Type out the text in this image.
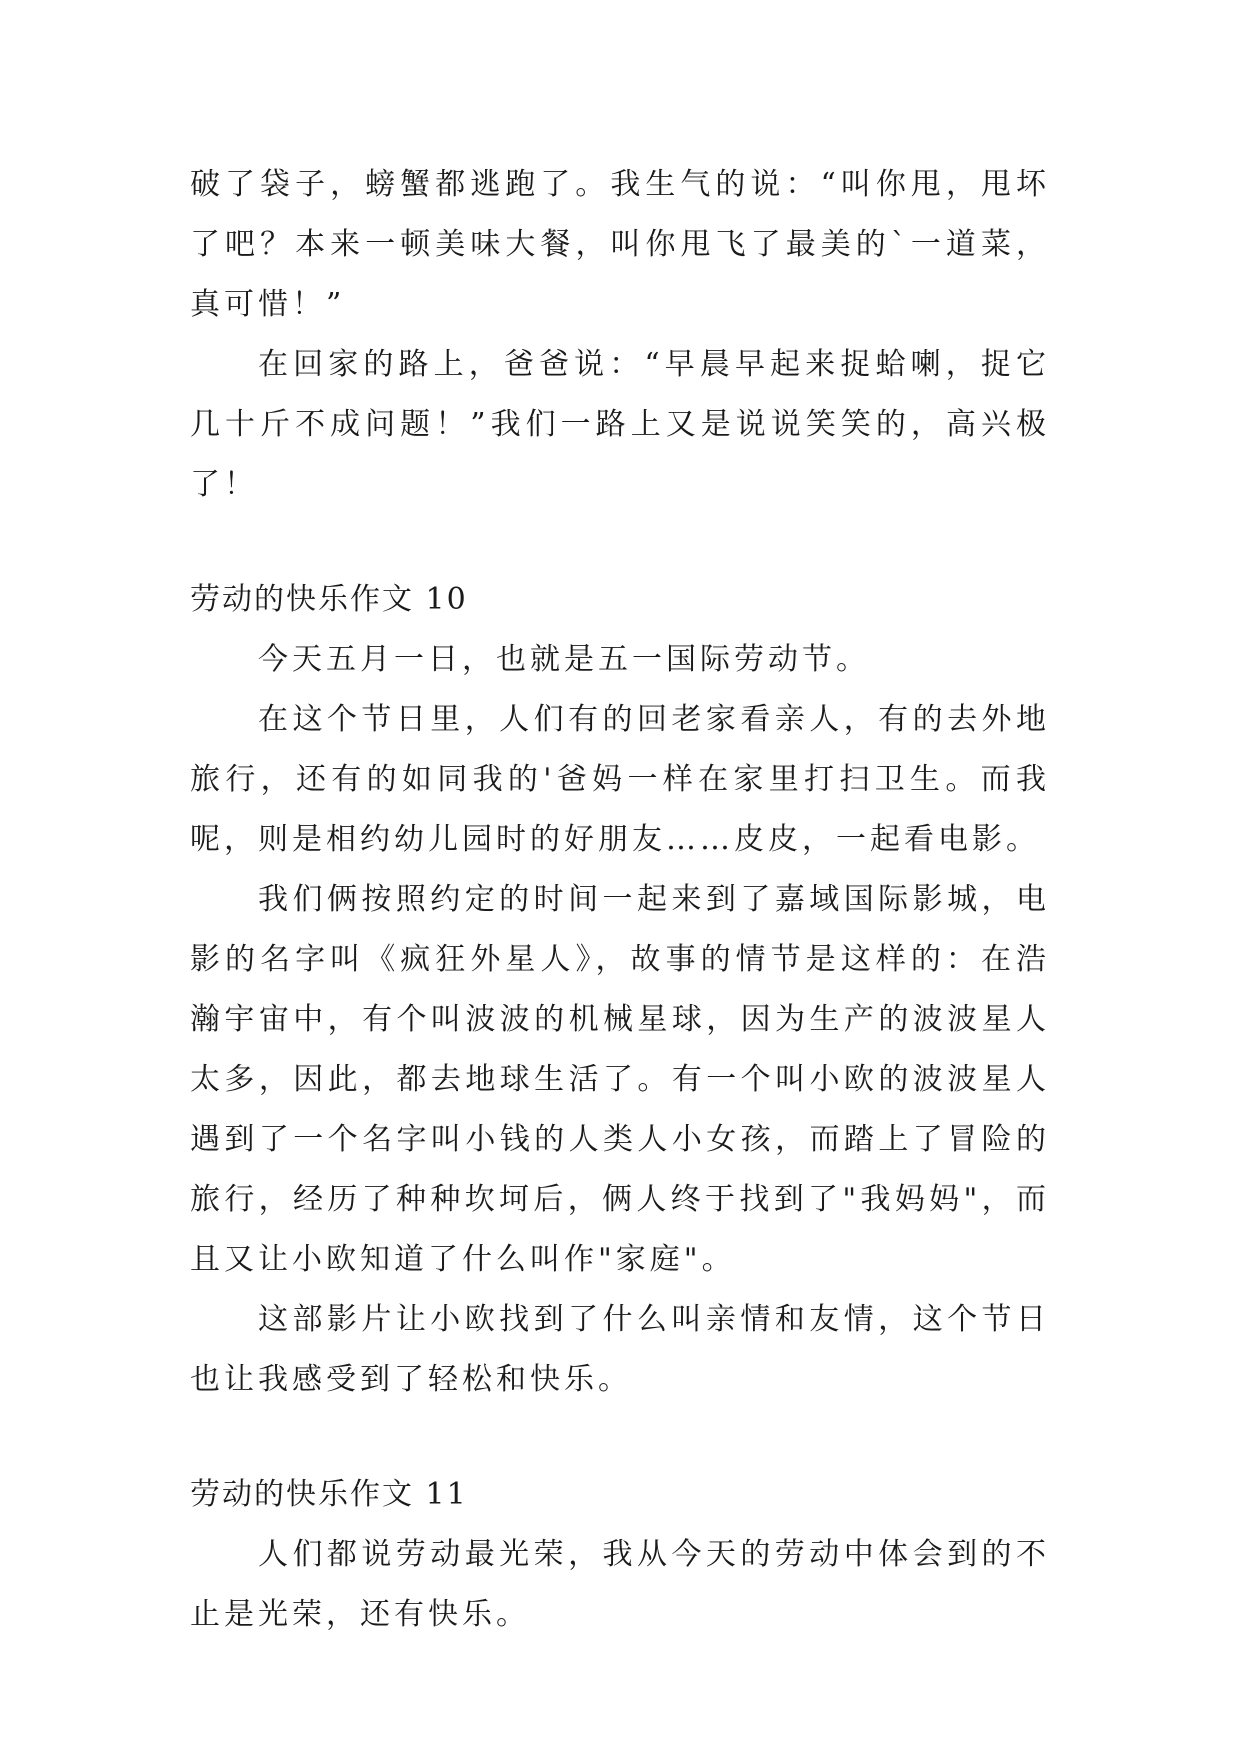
破了袋子，螃蟹都逃跑了。我生气的说：“叫你甩，甩坏了吧？本来一顿美味大餐，叫你甩飞了最美的`一道菜，真可惜！”

在回家的路上，爸爸说：“早晨早起来捉蛤喇，捉它几十斤不成问题！”我们一路上又是说说笑笑的，高兴极了！

劳动的快乐作文 10

今天五月一日，也就是五一国际劳动节。

在这个节日里，人们有的回老家看亲人，有的去外地旅行，还有的如同我的'爸妈一样在家里打扫卫生。而我呢，则是相约幼儿园时的好朋友……皮皮，一起看电影。

我们俩按照约定的时间一起来到了嘉域国际影城，电影的名字叫《疯狂外星人》，故事的情节是这样的：在浩瀚宇宙中，有个叫波波的机械星球，因为生产的波波星人太多，因此，都去地球生活了。有一个叫小欧的波波星人遇到了一个名字叫小钱的人类人小女孩，而踏上了冒险的旅行，经历了种种坎坷后，俩人终于找到了"我妈妈"，而且又让小欧知道了什么叫作"家庭"。

这部影片让小欧找到了什么叫亲情和友情，这个节日也让我感受到了轻松和快乐。

劳动的快乐作文 11

人们都说劳动最光荣，我从今天的劳动中体会到的不止是光荣，还有快乐。
